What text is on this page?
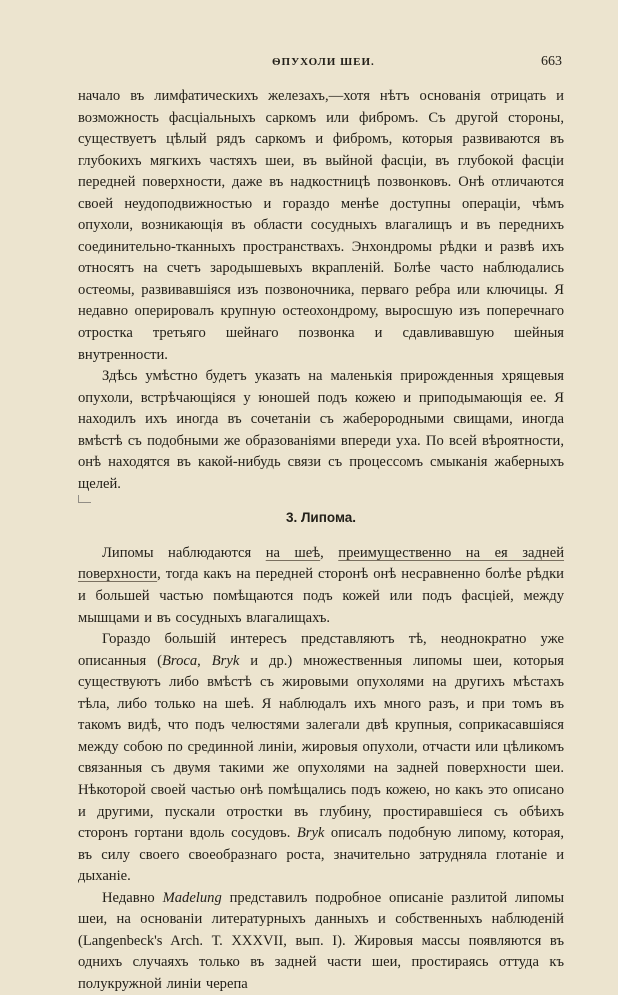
ѲПУХОЛИ ШЕИ.	663

начало въ лимфатическихъ железахъ,—хотя нѣтъ основанія отрицать и возможность фасціальныхъ саркомъ или фибромъ. Съ другой стороны, существуетъ цѣлый рядъ саркомъ и фибромъ, которыя развиваются въ глубокихъ мягкихъ частяхъ шеи, въ выйной фасціи, въ глубокой фасціи передней поверхности, даже въ надкостницѣ позвонковъ. Онѣ отличаются своей неудоподвижностью и гораздо менѣе доступны операціи, чѣмъ опухоли, возникающія въ области сосудныхъ влагалищъ и въ переднихъ соединительно-тканныхъ пространствахъ. Энхондромы рѣдки и развѣ ихъ относятъ на счетъ зародышевыхъ вкрапленій. Болѣе часто наблюдались остеомы, развивавшіяся изъ позвоночника, перваго ребра или ключицы. Я недавно оперировалъ крупную остеохондрому, выросшую изъ поперечнаго отростка третьяго шейнаго позвонка и сдавливавшую шейныя внутренности.

Здѣсь умѣстно будетъ указать на маленькія прирожденныя хрящевыя опухоли, встрѣчающіяся у юношей подъ кожею и приподымающія ее. Я находилъ ихъ иногда въ сочетаніи съ жаберородными свищами, иногда вмѣстѣ съ подобными же образованіями впереди уха. По всей вѣроятности, онѣ находятся въ какой-нибудь связи съ процессомъ смыканія жаберныхъ щелей.

3. Липома.

Липомы наблюдаются на шеѣ, преимущественно на ея задней поверхности, тогда какъ на передней сторонѣ онѣ несравненно болѣе рѣдки и большей частью помѣщаются подъ кожей или подъ фасціей, между мышцами и въ сосудныхъ влагалищахъ.

Гораздо большій интересъ представляютъ тѣ, неоднократно уже описанныя (Broca, Bryk и др.) множественныя липомы шеи, которыя существуютъ либо вмѣстѣ съ жировыми опухолями на другихъ мѣстахъ тѣла, либо только на шеѣ. Я наблюдалъ ихъ много разъ, и при томъ въ такомъ видѣ, что подъ челюстями залегали двѣ крупныя, соприкасавшіяся между собою по срединной линіи, жировыя опухоли, отчасти или цѣликомъ связанныя съ двумя такими же опухолями на задней поверхности шеи. Нѣкоторой своей частью онѣ помѣщались подъ кожею, но какъ это описано и другими, пускали отростки въ глубину, простиравшіеся съ обѣихъ сторонъ гортани вдоль сосудовъ. Bryk описалъ подобную липому, которая, въ силу своего своеобразнаго роста, значительно затрудняла глотаніе и дыханіе.

Недавно Madelung представилъ подробное описаніе разлитой липомы шеи, на основаніи литературныхъ данныхъ и собственныхъ наблюденій (Langenbeck's Arch. Т. XXXVII, вып. I). Жировыя массы появляются въ однихъ случаяхъ только въ задней части шеи, простираясь оттуда къ полукружной линіи черепа
